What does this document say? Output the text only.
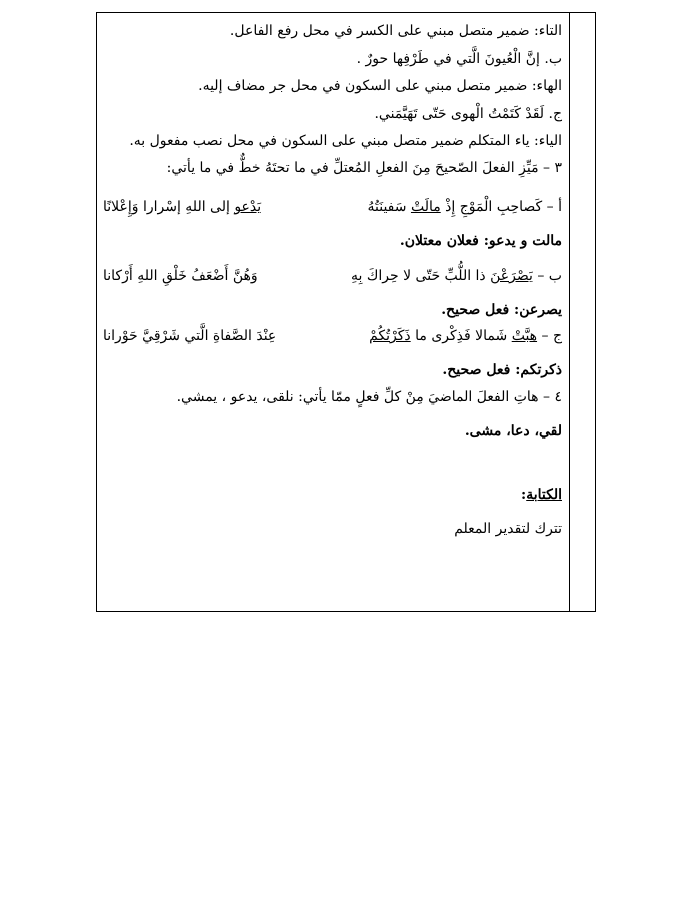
التاء: ضمير متصل مبني على الكسر في محل رفع الفاعل.
ب. إنَّ الْعُيونَ الَّتي في طَرْفِها حورٌ .
الهاء: ضمير متصل مبني على السكون في محل جر مضاف إليه.
ج. لَقَدْ كَتَمْتُ الْهوى حَتّى تَهَيَّمَني.
الياء: ياء المتكلم ضمير متصل مبني على السكون في محل نصب مفعول به.
٣ – مَيِّزِ الفعلَ الصّحيحَ مِنَ الفعلِ المُعتلِّ في ما تحتَهُ خطٌّ في ما يأتي:
أ – كَصاحِبِ الْمَوْجِ إِذْ مالَتْ سَفينَتُهُ
يَدْعو إلى اللهِ إسْرارا وَإِعْلانًا
مالت و يدعو: فعلان معتلان.
ب – يَصْرَعْنَ ذا اللُّبِّ حَتّى لا حِراكَ بِهِ
وَهُنَّ أَضْعَفُ خَلْقِ اللهِ أَرْكانا
يصرعن: فعل صحيح.
ج – هبَّتْ شَمالا فَذِكْرى ما ذَكَرْتُكُمْ
عِنْدَ الصَّفاةِ الَّتي شَرْقِيَّ حَوْرانا
ذكرتكم: فعل صحيح.
٤ – هاتِ الفعلَ الماضيَ مِنْ كلِّ فعلٍ ممّا يأتي: نلقى، يدعو ، يمشي.
لقي، دعا، مشى.
الكتابة:
تترك لتقدير المعلم
